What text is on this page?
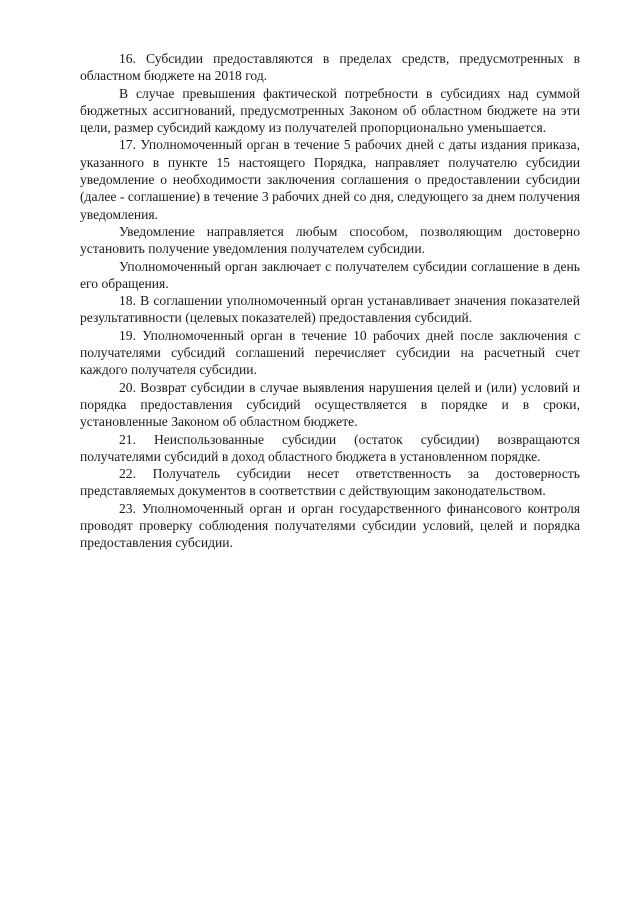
16. Субсидии предоставляются в пределах средств, предусмотренных в областном бюджете на 2018 год.

В случае превышения фактической потребности в субсидиях над суммой бюджетных ассигнований, предусмотренных Законом об областном бюджете на эти цели, размер субсидий каждому из получателей пропорционально уменьшается.

17. Уполномоченный орган в течение 5 рабочих дней с даты издания приказа, указанного в пункте 15 настоящего Порядка, направляет получателю субсидии уведомление о необходимости заключения соглашения о предоставлении субсидии (далее - соглашение) в течение 3 рабочих дней со дня, следующего за днем получения уведомления.

Уведомление направляется любым способом, позволяющим достоверно установить получение уведомления получателем субсидии.

Уполномоченный орган заключает с получателем субсидии соглашение в день его обращения.

18. В соглашении уполномоченный орган устанавливает значения показателей результативности (целевых показателей) предоставления субсидий.

19. Уполномоченный орган в течение 10 рабочих дней после заключения с получателями субсидий соглашений перечисляет субсидии на расчетный счет каждого получателя субсидии.

20. Возврат субсидии в случае выявления нарушения целей и (или) условий и порядка предоставления субсидий осуществляется в порядке и в сроки, установленные Законом об областном бюджете.

21. Неиспользованные субсидии (остаток субсидии) возвращаются получателями субсидий в доход областного бюджета в установленном порядке.

22. Получатель субсидии несет ответственность за достоверность представляемых документов в соответствии с действующим законодательством.

23. Уполномоченный орган и орган государственного финансового контроля проводят проверку соблюдения получателями субсидии условий, целей и порядка предоставления субсидии.
